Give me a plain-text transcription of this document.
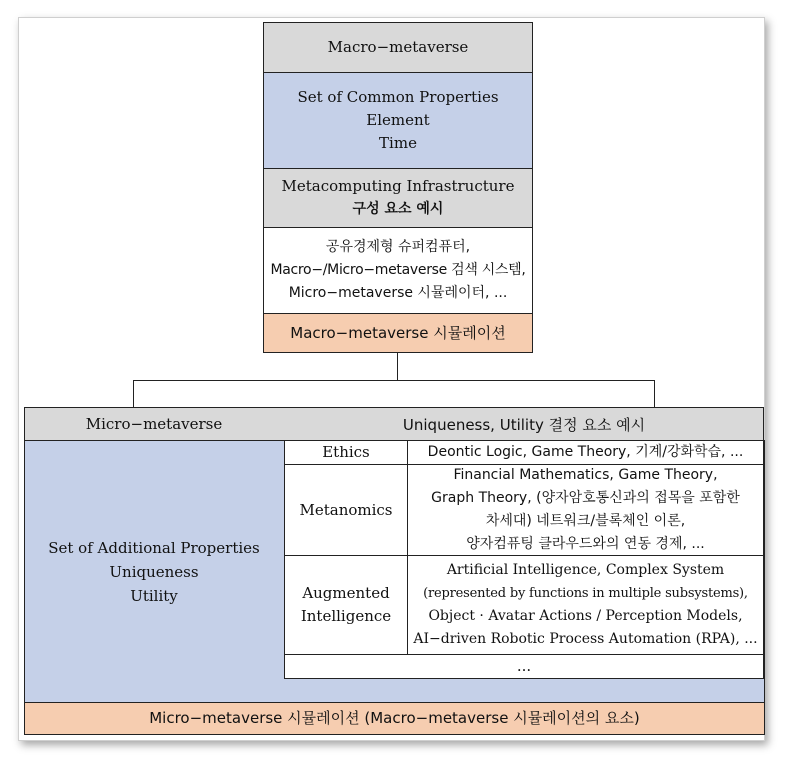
Macro−metaverse
Set of Common Properties
Element
Time
Metacomputing Infrastructure
구성 요소 예시
공유경제형 슈퍼컴퓨터,
Macro−/Micro−metaverse 검색 시스템,
Micro−metaverse 시뮬레이터, ...
Macro−metaverse 시뮬레이션
Micro−metaverse	Uniqueness, Utility 결정 요소 예시
Set of Additional Properties
Uniqueness
Utility
Ethics	Deontic Logic, Game Theory, 기계/강화학습, ...
Metanomics
Financial Mathematics, Game Theory,
Graph Theory, (양자암호통신과의 접목을 포함한
차세대) 네트워크/블록체인 이론,
양자컴퓨팅 클라우드와의 연동 경제, ...
Augmented
Intelligence
Artificial Intelligence, Complex System
(represented by functions in multiple subsystems),
Object · Avatar Actions / Perception Models,
AI−driven Robotic Process Automation (RPA), ...
...
Micro−metaverse 시뮬레이션 (Macro−metaverse 시뮬레이션의 요소)
